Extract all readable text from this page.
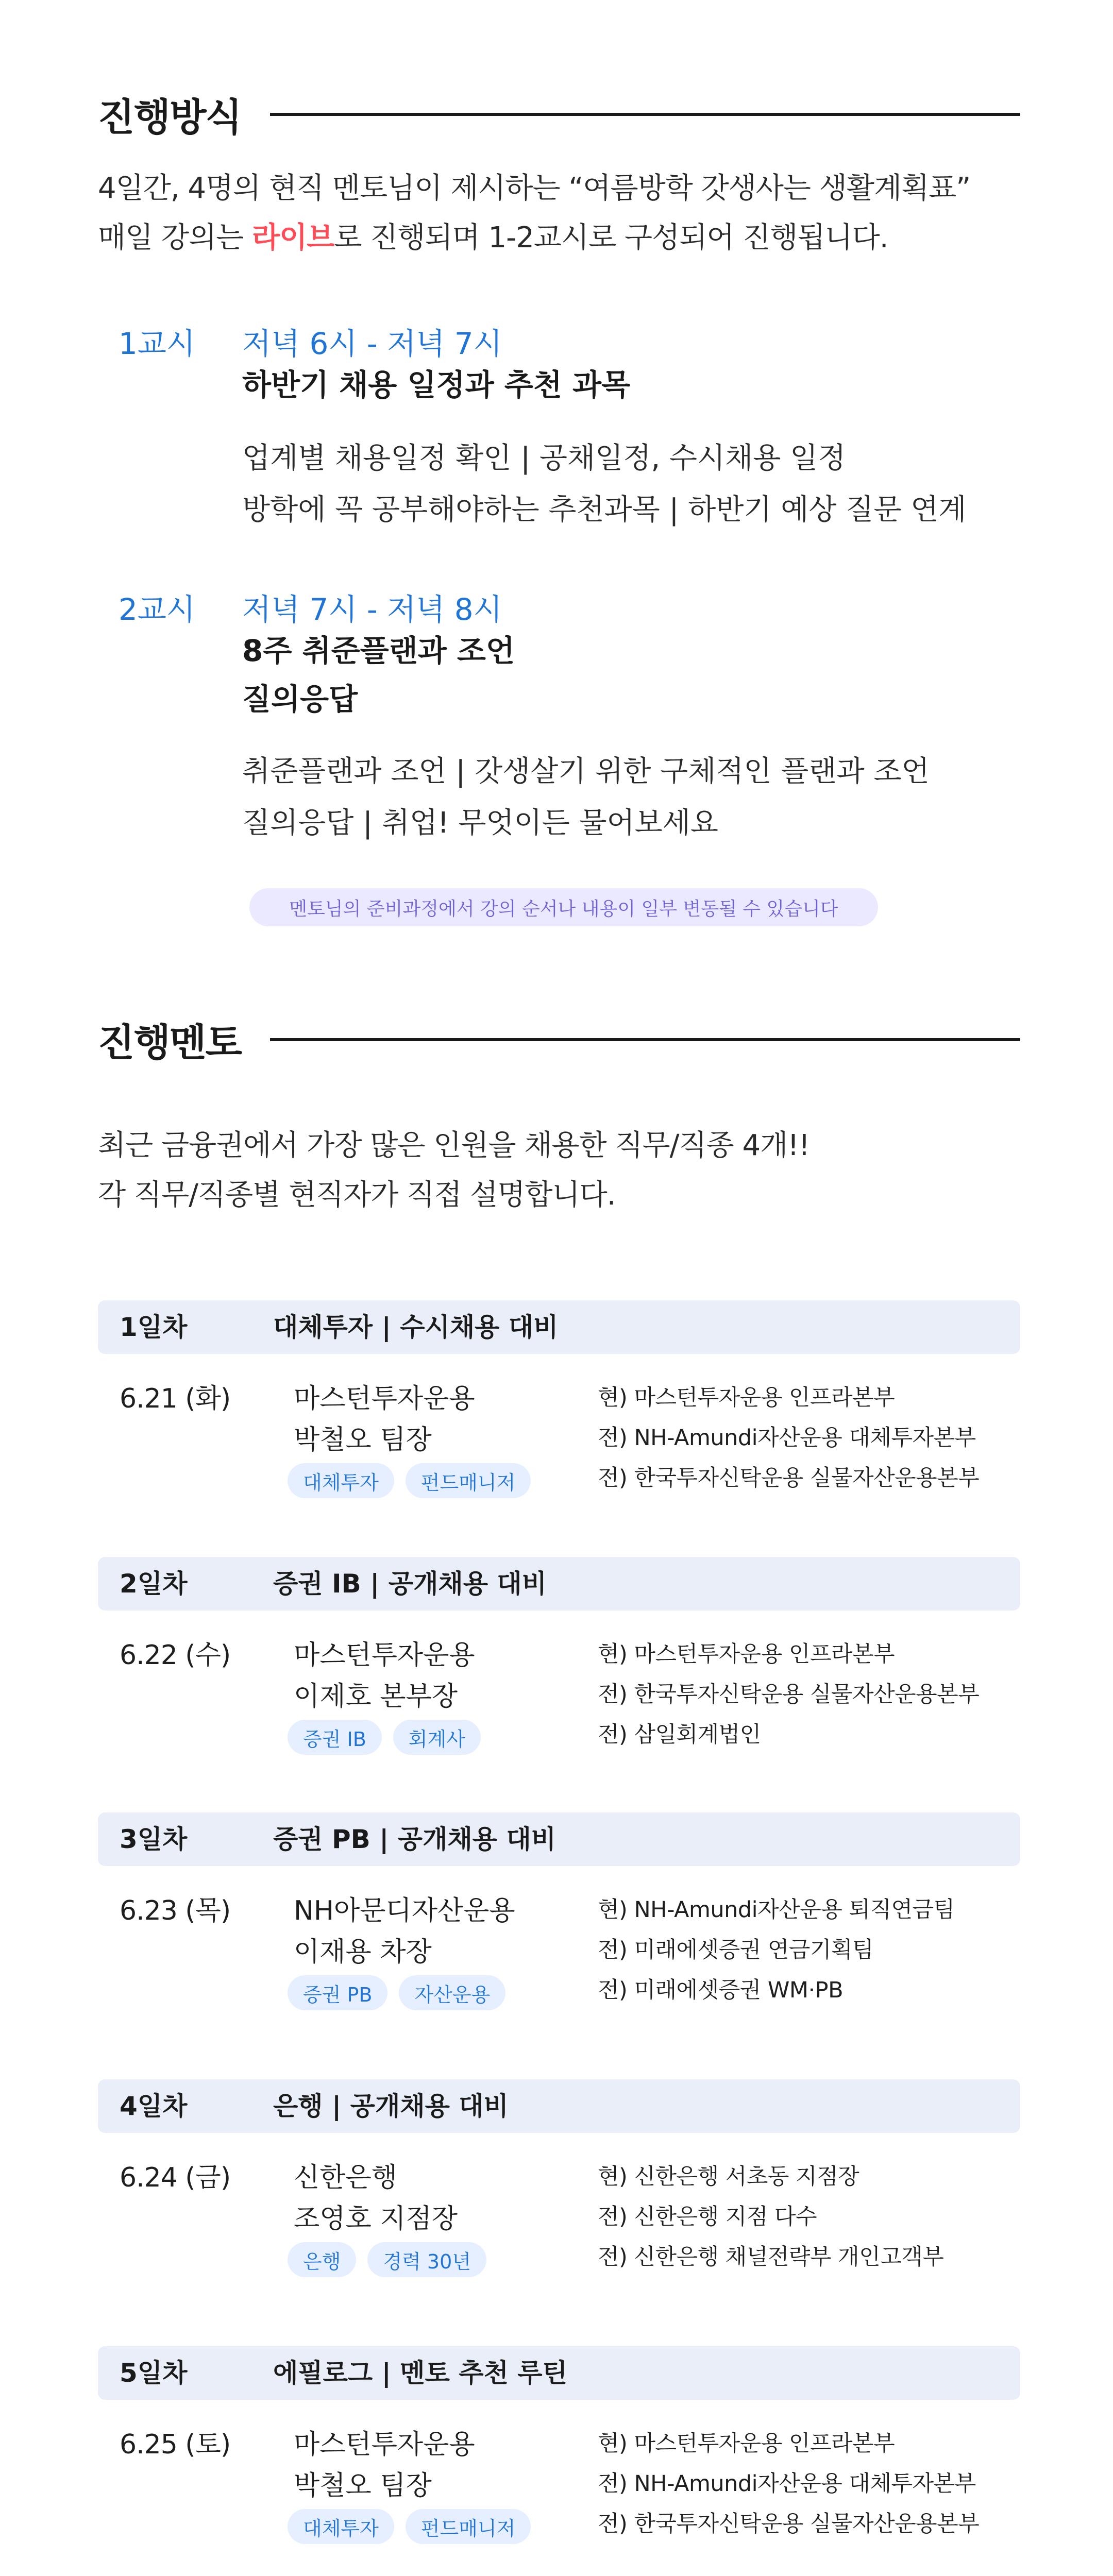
진행방식
4일간, 4명의 현직 멘토님이 제시하는 “여름방학 갓생사는 생활계획표”
매일 강의는 라이브로 진행되며 1-2교시로 구성되어 진행됩니다.
1교시 저녁 6시 - 저녁 7시
하반기 채용 일정과 추천 과목
업계별 채용일정 확인 | 공채일정, 수시채용 일정
방학에 꼭 공부해야하는 추천과목 | 하반기 예상 질문 연계
2교시 저녁 7시 - 저녁 8시
8주 취준플랜과 조언
질의응답
취준플랜과 조언 | 갓생살기 위한 구체적인 플랜과 조언
질의응답 | 취업! 무엇이든 물어보세요
멘토님의 준비과정에서 강의 순서나 내용이 일부 변동될 수 있습니다
진행멘토
최근 금융권에서 가장 많은 인원을 채용한 직무/직종 4개!!
각 직무/직종별 현직자가 직접 설명합니다.
1일차	대체투자 | 수시채용 대비
6.21 (화) 마스턴투자운용
박철오 팀장
대체투자	펀드매니저
현) 마스턴투자운용 인프라본부
전) NH-Amundi자산운용 대체투자본부
전) 한국투자신탁운용 실물자산운용본부
2일차	증권 IB | 공개채용 대비
6.22 (수) 마스턴투자운용
이제호 본부장
증권 IB	회계사
현) 마스턴투자운용 인프라본부
전) 한국투자신탁운용 실물자산운용본부
전) 삼일회계법인
3일차	증권 PB | 공개채용 대비
6.23 (목) NH아문디자산운용
이재용 차장
증권 PB	자산운용
현) NH-Amundi자산운용 퇴직연금팀
전) 미래에셋증권 연금기획팀
전) 미래에셋증권 WM·PB
4일차	은행 | 공개채용 대비
6.24 (금) 신한은행
조영호 지점장
은행	경력 30년
현) 신한은행 서초동 지점장
전) 신한은행 지점 다수
전) 신한은행 채널전략부 개인고객부
5일차	에필로그 | 멘토 추천 루틴
6.25 (토) 마스턴투자운용
박철오 팀장
대체투자	펀드매니저
현) 마스턴투자운용 인프라본부
전) NH-Amundi자산운용 대체투자본부
전) 한국투자신탁운용 실물자산운용본부
